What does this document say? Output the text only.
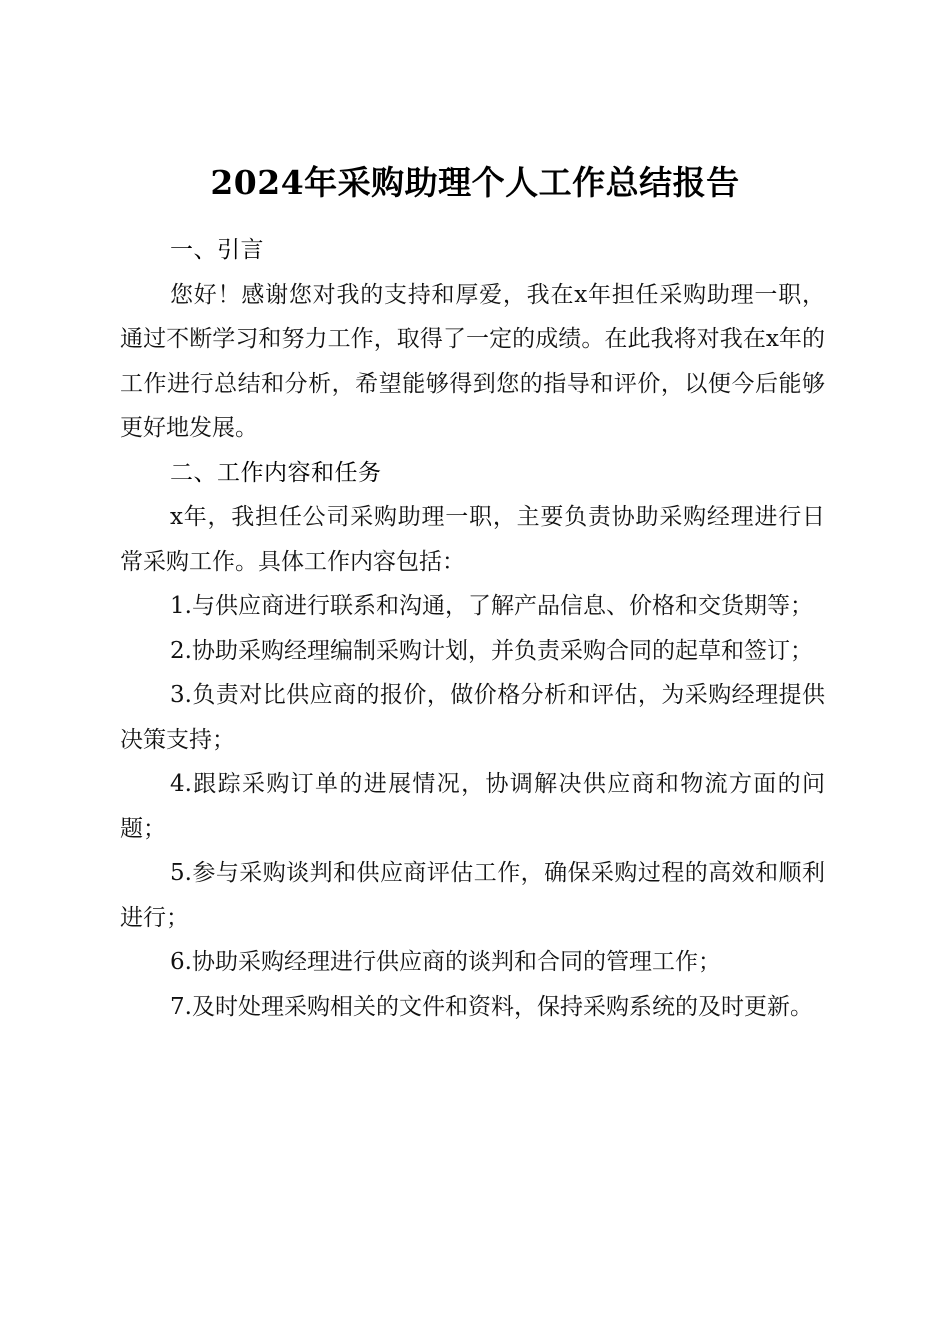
2024年采购助理个人工作总结报告
一、引言

您好！感谢您对我的支持和厚爱，我在x年担任采购助理一职，通过不断学习和努力工作，取得了一定的成绩。在此我将对我在x年的工作进行总结和分析，希望能够得到您的指导和评价，以便今后能够更好地发展。

二、工作内容和任务

x年，我担任公司采购助理一职，主要负责协助采购经理进行日常采购工作。具体工作内容包括：

1.与供应商进行联系和沟通，了解产品信息、价格和交货期等；
2.协助采购经理编制采购计划，并负责采购合同的起草和签订；
3.负责对比供应商的报价，做价格分析和评估，为采购经理提供决策支持；
4.跟踪采购订单的进展情况，协调解决供应商和物流方面的问题；
5.参与采购谈判和供应商评估工作，确保采购过程的高效和顺利进行；
6.协助采购经理进行供应商的谈判和合同的管理工作；
7.及时处理采购相关的文件和资料，保持采购系统的及时更新。
